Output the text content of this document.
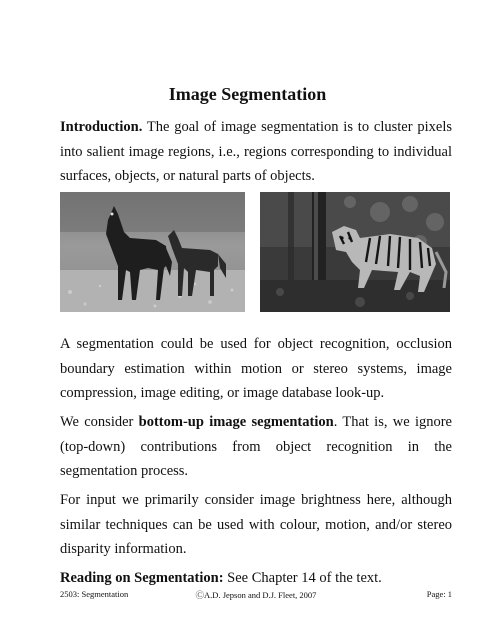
Image Segmentation

Introduction. The goal of image segmentation is to cluster pixels into salient image regions, i.e., regions corresponding to individual surfaces, objects, or natural parts of objects.

A segmentation could be used for object recognition, occlusion boundary estimation within motion or stereo systems, image compression, image editing, or image database look-up.

We consider bottom-up image segmentation. That is, we ignore (top-down) contributions from object recognition in the segmentation process.

For input we primarily consider image brightness here, although similar techniques can be used with colour, motion, and/or stereo disparity information.

Reading on Segmentation: See Chapter 14 of the text.

2503: Segmentation	ⒸA.D. Jepson and D.J. Fleet, 2007	Page: 1
